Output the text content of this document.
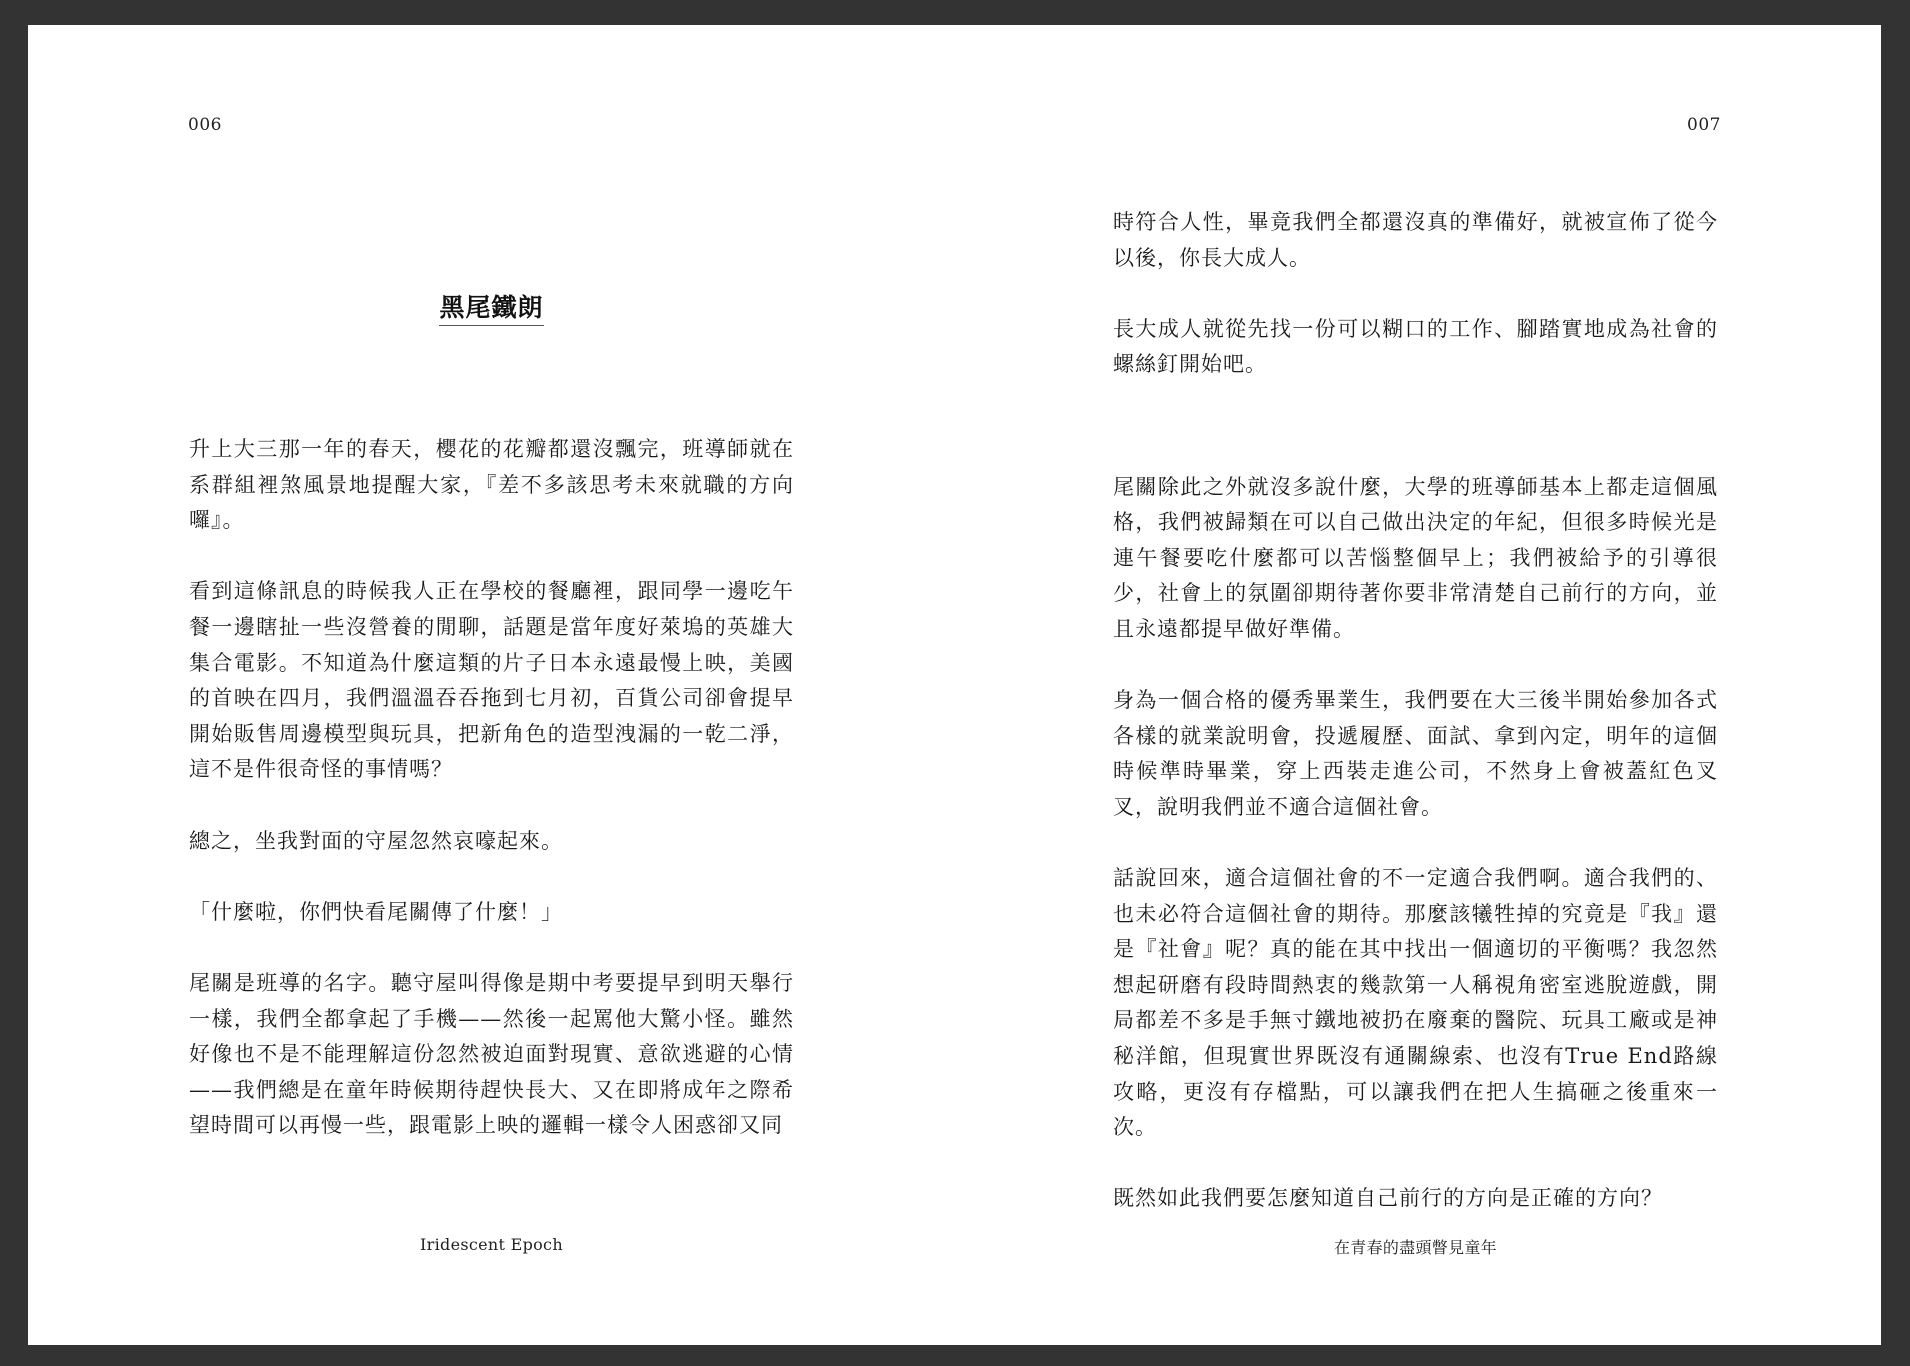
006
黑尾鐵朗

升上大三那一年的春天，櫻花的花瓣都還沒飄完，班導師就在系群組裡煞風景地提醒大家，『差不多該思考未來就職的方向囉』。

看到這條訊息的時候我人正在學校的餐廳裡，跟同學一邊吃午餐一邊瞎扯一些沒營養的閒聊，話題是當年度好萊塢的英雄大集合電影。不知道為什麼這類的片子日本永遠最慢上映，美國的首映在四月，我們溫溫吞吞拖到七月初，百貨公司卻會提早開始販售周邊模型與玩具，把新角色的造型洩漏的一乾二淨，這不是件很奇怪的事情嗎？

總之，坐我對面的守屋忽然哀嚎起來。

「什麼啦，你們快看尾關傳了什麼！」

尾關是班導的名字。聽守屋叫得像是期中考要提早到明天舉行一樣，我們全都拿起了手機——然後一起罵他大驚小怪。雖然好像也不是不能理解這份忽然被迫面對現實、意欲逃避的心情——我們總是在童年時候期待趕快長大、又在即將成年之際希望時間可以再慢一些，跟電影上映的邏輯一樣令人困惑卻又同

Iridescent Epoch
007

時符合人性，畢竟我們全都還沒真的準備好，就被宣佈了從今以後，你長大成人。

長大成人就從先找一份可以糊口的工作、腳踏實地成為社會的螺絲釘開始吧。

尾關除此之外就沒多說什麼，大學的班導師基本上都走這個風格，我們被歸類在可以自己做出決定的年紀，但很多時候光是連午餐要吃什麼都可以苦惱整個早上；我們被給予的引導很少，社會上的氛圍卻期待著你要非常清楚自己前行的方向，並且永遠都提早做好準備。

身為一個合格的優秀畢業生，我們要在大三後半開始參加各式各樣的就業說明會，投遞履歷、面試、拿到內定，明年的這個時候準時畢業，穿上西裝走進公司，不然身上會被蓋紅色叉叉，說明我們並不適合這個社會。

話說回來，適合這個社會的不一定適合我們啊。適合我們的、也未必符合這個社會的期待。那麼該犧牲掉的究竟是『我』還是『社會』呢？真的能在其中找出一個適切的平衡嗎？我忽然想起研磨有段時間熱衷的幾款第一人稱視角密室逃脫遊戲，開局都差不多是手無寸鐵地被扔在廢棄的醫院、玩具工廠或是神秘洋館，但現實世界既沒有通關線索、也沒有True End路線攻略，更沒有存檔點，可以讓我們在把人生搞砸之後重來一次。

既然如此我們要怎麼知道自己前行的方向是正確的方向？

在青春的盡頭瞥見童年
